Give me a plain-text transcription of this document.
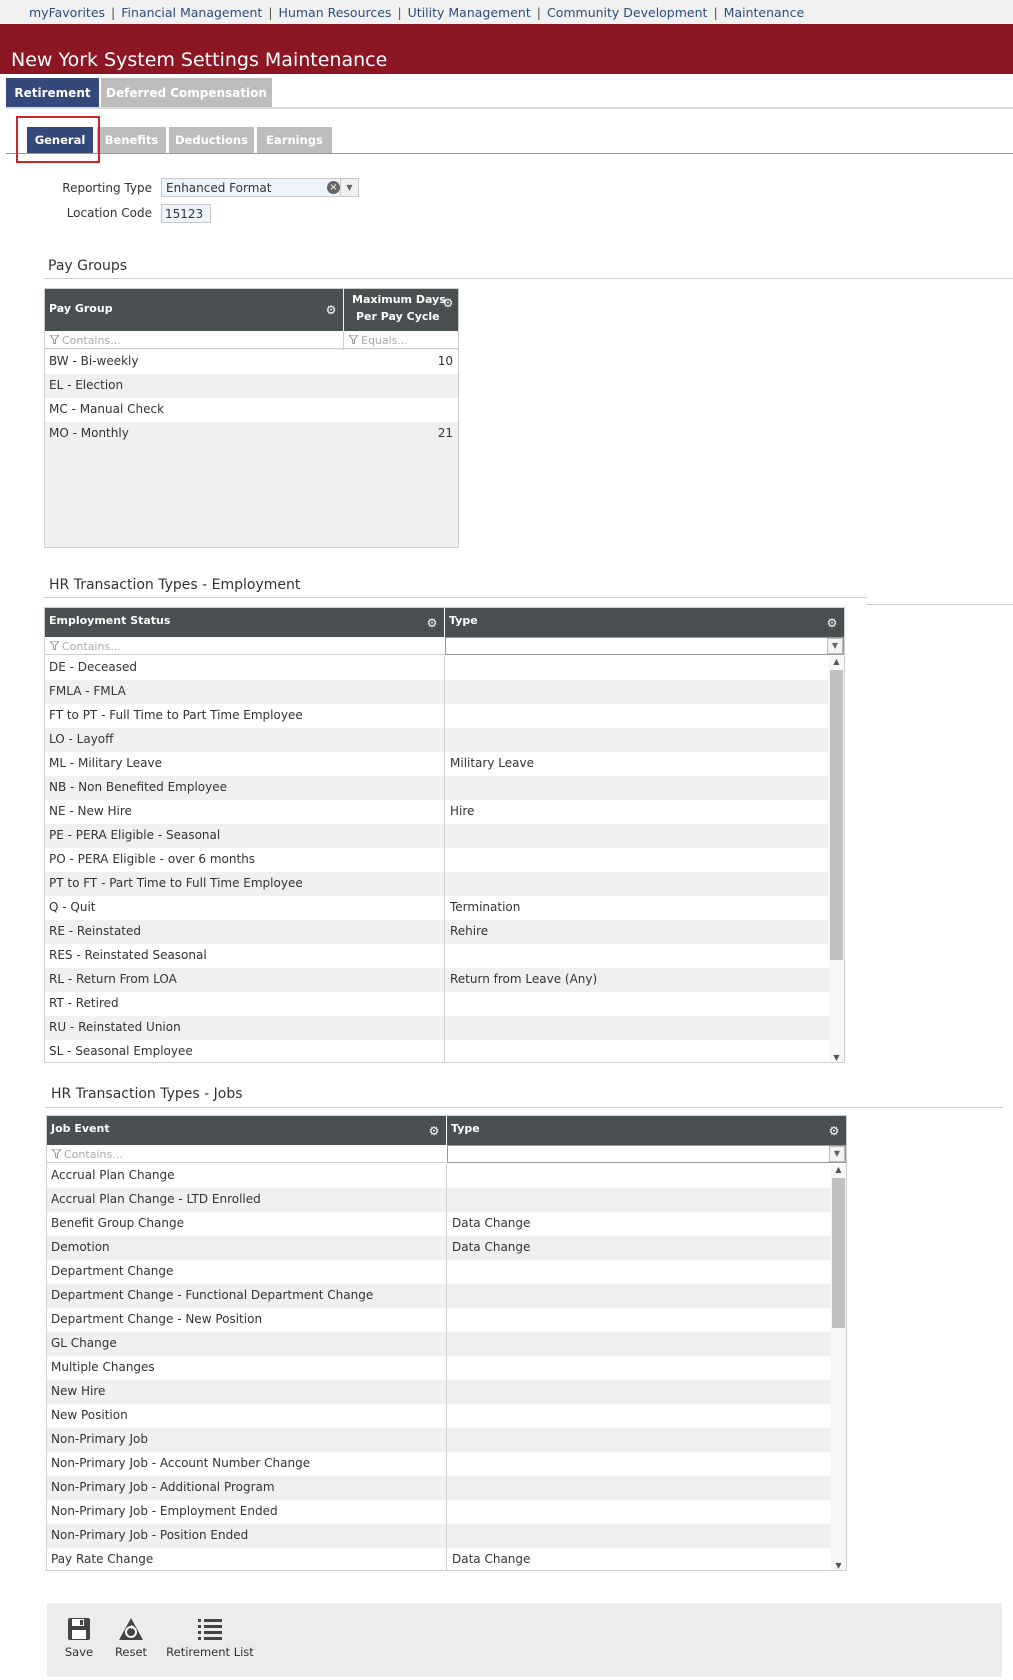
myFavorites | Financial Management | Human Resources | Utility Management | Community Development | Maintenance
New York System Settings Maintenance
Retirement	Deferred Compensation
General	Benefits	Deductions	Earnings
Reporting Type Enhanced Format	×	▼
Location Code	15123
Pay Groups
Pay Group	⚙
Maximum Days
Per Pay Cycle
⚙
Contains...	Equals...
BW - Bi-weekly	10
EL - Election
MC - Manual Check
MO - Monthly	21
HR Transaction Types - Employment
Employment Status	⚙ Type	⚙
Contains...	▼
DE - Deceased
FMLA - FMLA
FT to PT - Full Time to Part Time Employee
LO - Layoff
ML - Military Leave	Military Leave
NB - Non Benefited Employee
NE - New Hire	Hire
PE - PERA Eligible - Seasonal
PO - PERA Eligible - over 6 months
PT to FT - Part Time to Full Time Employee
Q - Quit	Termination
RE - Reinstated	Rehire
RES - Reinstated Seasonal
RL - Return From LOA	Return from Leave (Any)
RT - Retired
RU - Reinstated Union
SL - Seasonal Employee
▲
▼
HR Transaction Types - Jobs
Job Event	⚙ Type	⚙
Contains...	▼
Accrual Plan Change
Accrual Plan Change - LTD Enrolled
Benefit Group Change	Data Change
Demotion	Data Change
Department Change
Department Change - Functional Department Change
Department Change - New Position
GL Change
Multiple Changes
New Hire
New Position
Non-Primary Job
Non-Primary Job - Account Number Change
Non-Primary Job - Additional Program
Non-Primary Job - Employment Ended
Non-Primary Job - Position Ended
Pay Rate Change	Data Change
▲
▼
Save	Reset	Retirement List
